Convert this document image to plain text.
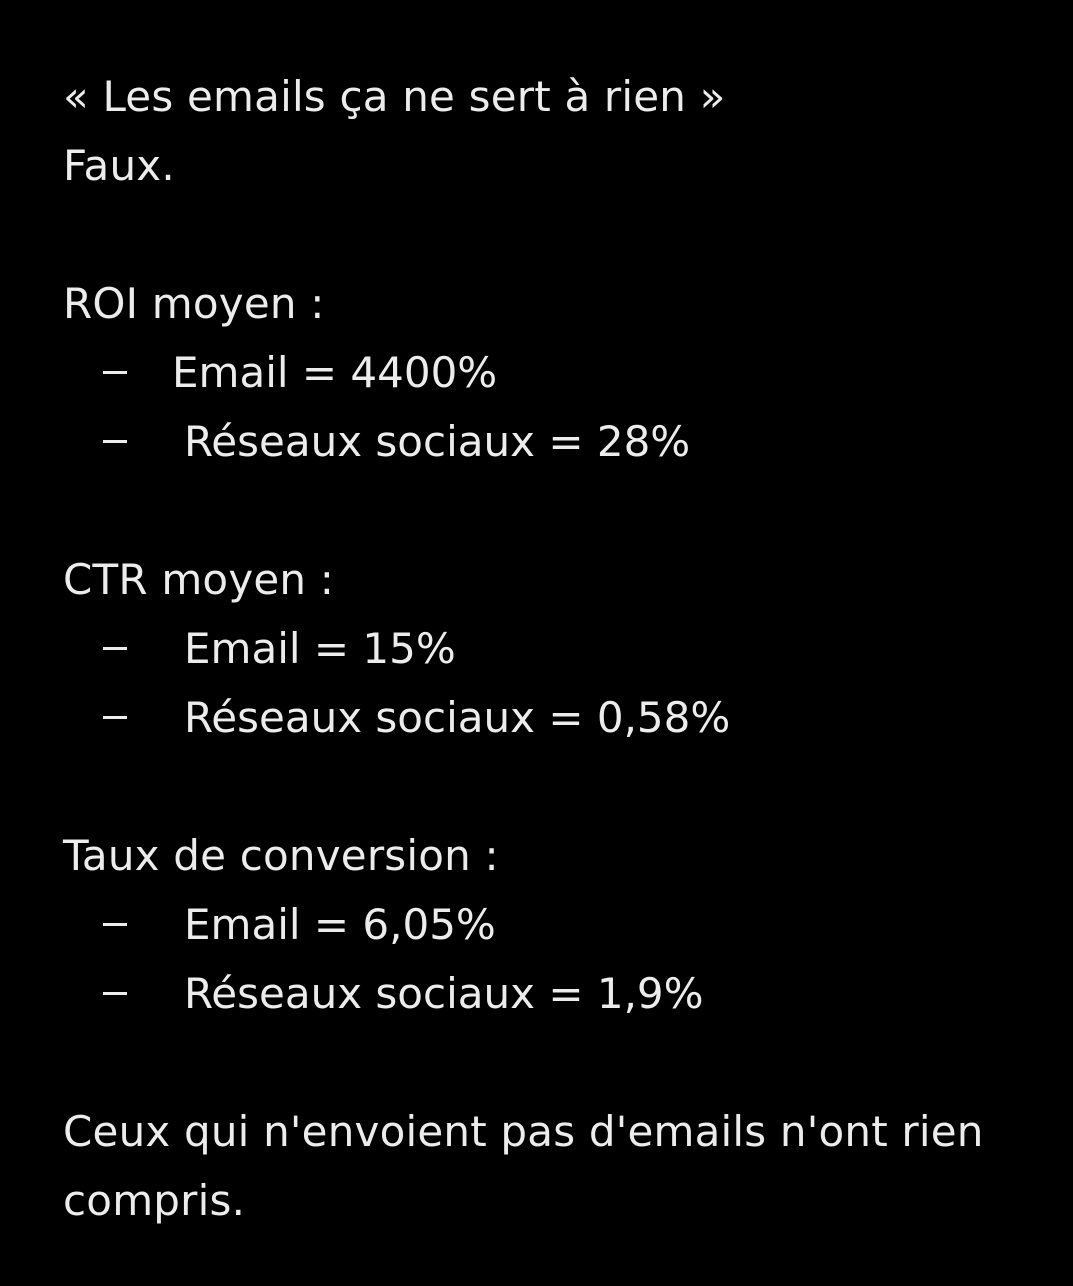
« Les emails ça ne sert à rien »
Faux.
ROI moyen :
Email = 4400%
Réseaux sociaux = 28%
CTR moyen :
Email = 15%
Réseaux sociaux = 0,58%
Taux de conversion :
Email = 6,05%
Réseaux sociaux = 1,9%
Ceux qui n'envoient pas d'emails n'ont rien compris.
